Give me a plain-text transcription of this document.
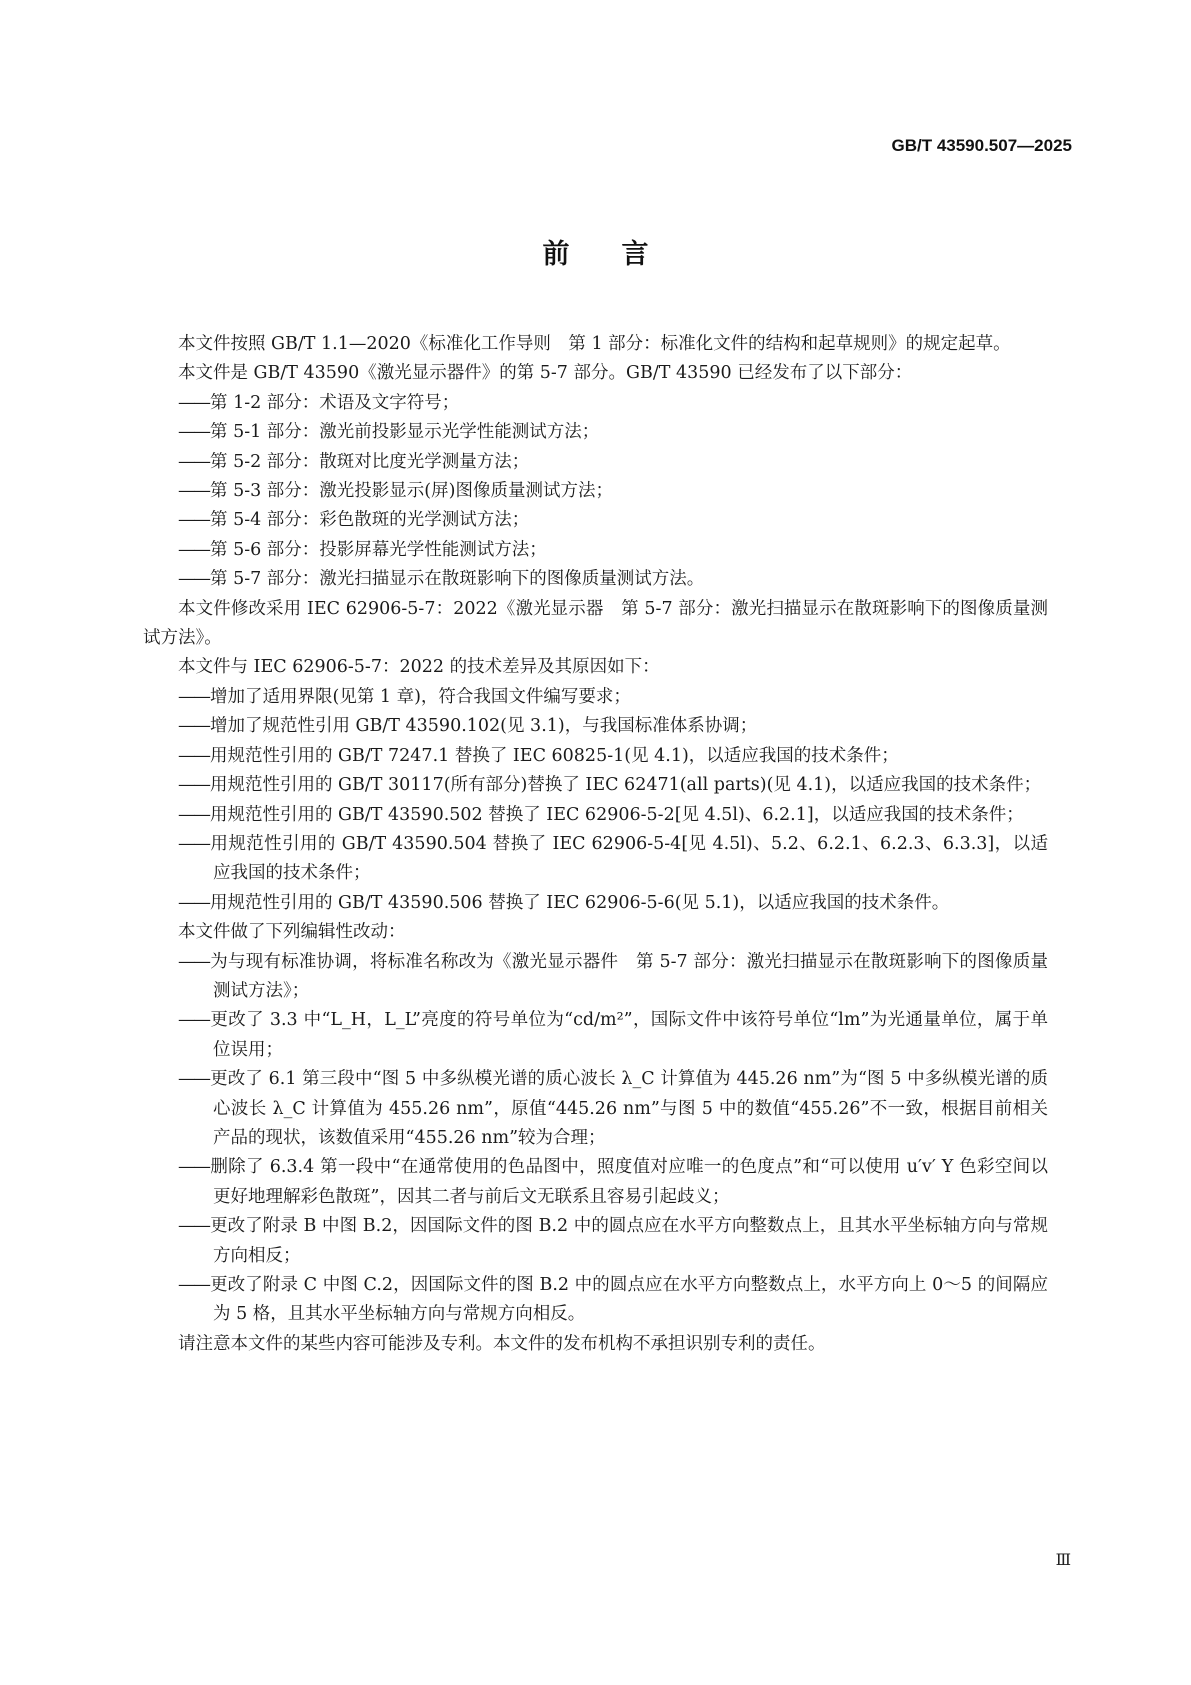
GB/T 43590.507—2025
前言

本文件按照 GB/T 1.1—2020《标准化工作导则　第 1 部分：标准化文件的结构和起草规则》的规定起草。

本文件是 GB/T 43590《激光显示器件》的第 5-7 部分。GB/T 43590 已经发布了以下部分：

—— 第 1-2 部分：术语及文字符号；
—— 第 5-1 部分：激光前投影显示光学性能测试方法；
—— 第 5-2 部分：散斑对比度光学测量方法；
—— 第 5-3 部分：激光投影显示(屏)图像质量测试方法；
—— 第 5-4 部分：彩色散斑的光学测试方法；
—— 第 5-6 部分：投影屏幕光学性能测试方法；
—— 第 5-7 部分：激光扫描显示在散斑影响下的图像质量测试方法。

本文件修改采用 IEC 62906-5-7：2022《激光显示器　第 5-7 部分：激光扫描显示在散斑影响下的图像质量测试方法》。

本文件与 IEC 62906-5-7：2022 的技术差异及其原因如下：

—— 增加了适用界限(见第 1 章)，符合我国文件编写要求；
—— 增加了规范性引用 GB/T 43590.102(见 3.1)，与我国标准体系协调；
—— 用规范性引用的 GB/T 7247.1 替换了 IEC 60825-1(见 4.1)，以适应我国的技术条件；
—— 用规范性引用的 GB/T 30117(所有部分)替换了 IEC 62471(all parts)(见 4.1)，以适应我国的技术条件；
—— 用规范性引用的 GB/T 43590.502 替换了 IEC 62906-5-2[见 4.5l)、6.2.1]，以适应我国的技术条件；
—— 用规范性引用的 GB/T 43590.504 替换了 IEC 62906-5-4[见 4.5l)、5.2、6.2.1、6.2.3、6.3.3]，以适应我国的技术条件；
—— 用规范性引用的 GB/T 43590.506 替换了 IEC 62906-5-6(见 5.1)，以适应我国的技术条件。

本文件做了下列编辑性改动：

—— 为与现有标准协调，将标准名称改为《激光显示器件　第 5-7 部分：激光扫描显示在散斑影响下的图像质量测试方法》；
—— 更改了 3.3 中“L_H，L_L”亮度的符号单位为“cd/m²”，国际文件中该符号单位“lm”为光通量单位，属于单位误用；
—— 更改了 6.1 第三段中“图 5 中多纵模光谱的质心波长 λ_C 计算值为 445.26 nm”为“图 5 中多纵模光谱的质心波长 λ_C 计算值为 455.26 nm”，原值“445.26 nm”与图 5 中的数值“455.26”不一致，根据目前相关产品的现状，该数值采用“455.26 nm”较为合理；
—— 删除了 6.3.4 第一段中“在通常使用的色品图中，照度值对应唯一的色度点”和“可以使用 u′v′ Y 色彩空间以更好地理解彩色散斑”，因其二者与前后文无联系且容易引起歧义；
—— 更改了附录 B 中图 B.2，因国际文件的图 B.2 中的圆点应在水平方向整数点上，且其水平坐标轴方向与常规方向相反；
—— 更改了附录 C 中图 C.2，因国际文件的图 B.2 中的圆点应在水平方向整数点上，水平方向上 0～5 的间隔应为 5 格，且其水平坐标轴方向与常规方向相反。

请注意本文件的某些内容可能涉及专利。本文件的发布机构不承担识别专利的责任。

Ⅲ
